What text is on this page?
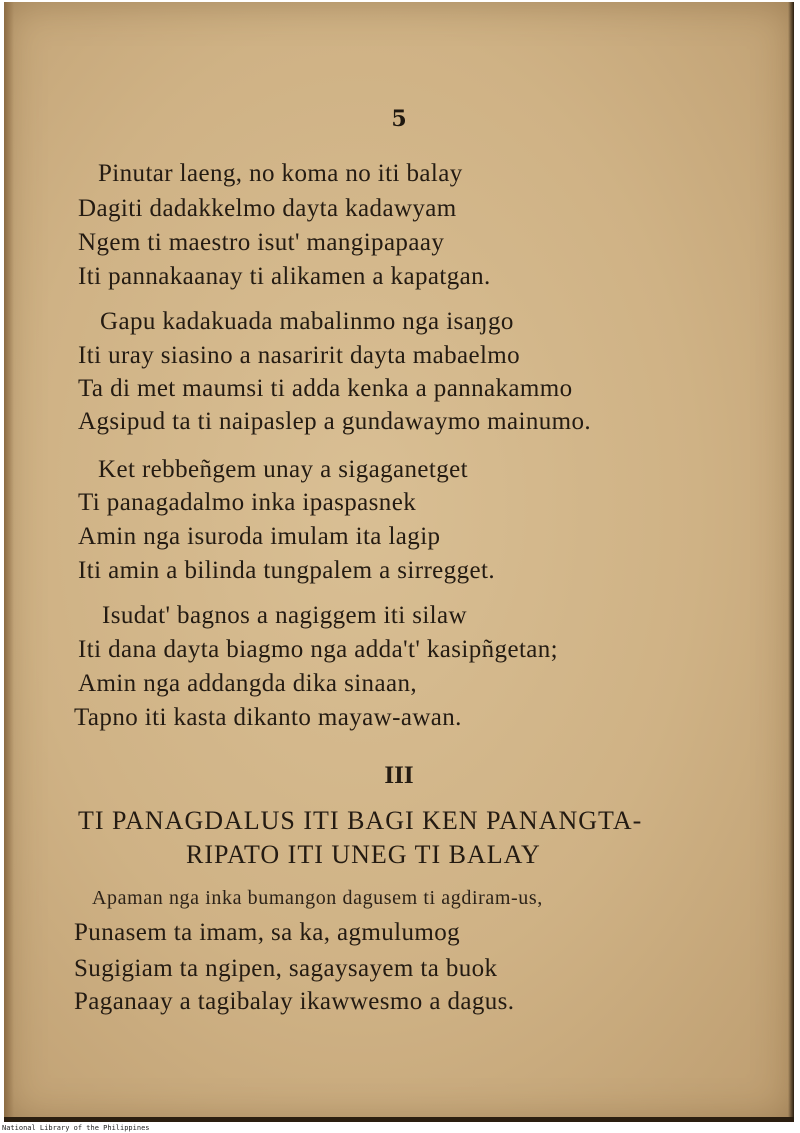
5
Pinutar laeng, no koma no iti balay
Dagiti dadakkelmo dayta kadawyam
Ngem ti maestro isut' mangipapaay
Iti pannakaanay ti alikamen a kapatgan.
Gapu kadakuada mabalinmo nga isaŋgo
Iti uray siasino a nasaririt dayta mabaelmo
Ta di met maumsi ti adda kenka a pannakammo
Agsipud ta ti naipaslep a gundawaymo mainumo.
Ket rebbeñgem unay a sigaganetget
Ti panagadalmo inka ipaspasnek
Amin nga isuroda imulam ita lagip
Iti amin a bilinda tungpalem a sirregget.
Isudat' bagnos a nagiggem iti silaw
Iti dana dayta biagmo nga adda't' kasipñgetan;
Amin nga addangda dika sinaan,
Tapno iti kasta dikanto mayaw-awan.
III
TI PANAGDALUS ITI BAGI KEN PANANGTA-
RIPATO ITI UNEG TI BALAY
Apaman nga inka bumangon dagusem ti agdiram-us,
Punasem ta imam, sa ka, agmulumog
Sugigiam ta ngipen, sagaysayem ta buok
Paganaay a tagibalay ikawwesmo a dagus.
National Library of the Philippines
